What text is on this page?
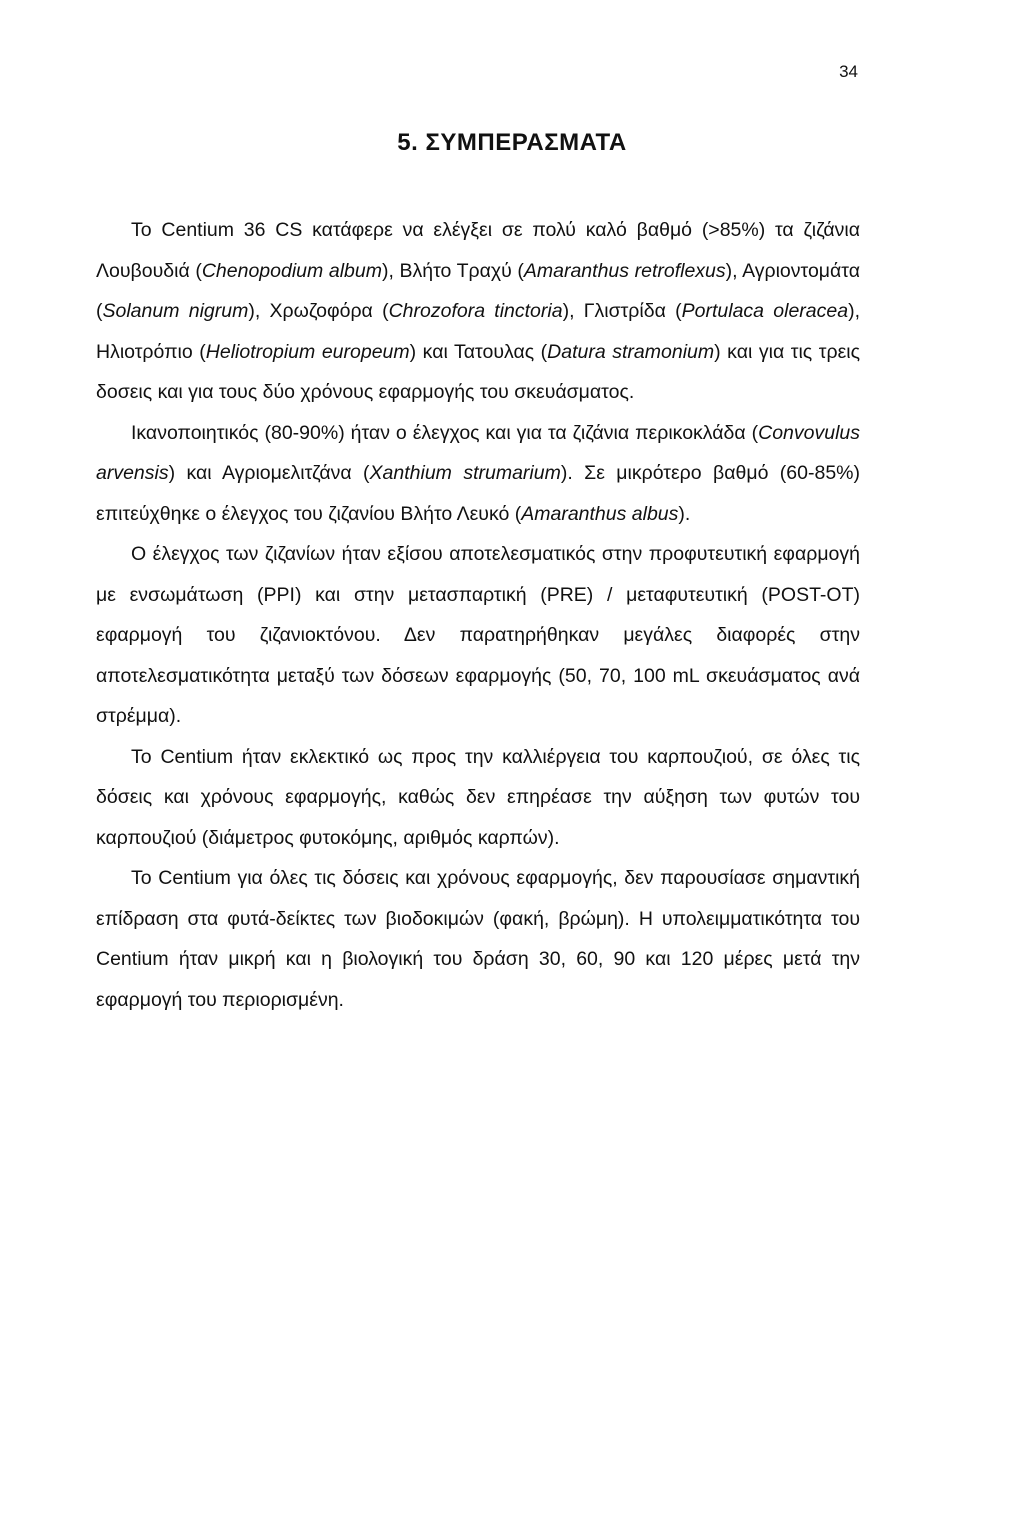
34
5. ΣΥΜΠΕΡΑΣΜΑΤΑ

Το Centium 36 CS κατάφερε να ελέγξει σε πολύ καλό βαθμό (>85%) τα ζιζάνια Λουβουδιά (Chenopodium album), Βλήτο Τραχύ (Amaranthus retroflexus), Αγριοντομάτα (Solanum nigrum), Χρωζοφόρα (Chrozofora tinctoria), Γλιστρίδα (Portulaca oleracea), Ηλιοτρόπιο (Heliotropium europeum) και Τατουλας (Datura stramonium) και για τις τρεις δοσεις και για τους δύο χρόνους εφαρμογής του σκευάσματος.

Ικανοποιητικός (80-90%) ήταν ο έλεγχος και για τα ζιζάνια περικοκλάδα (Convovulus arvensis) και Αγριομελιτζάνα (Xanthium strumarium). Σε μικρότερο βαθμό (60-85%) επιτεύχθηκε ο έλεγχος του ζιζανίου Βλήτο Λευκό (Amaranthus albus).

Ο έλεγχος των ζιζανίων ήταν εξίσου αποτελεσματικός στην προφυτευτική εφαρμογή με ενσωμάτωση (PPI) και στην μετασπαρτική (PRE) / μεταφυτευτική (POST-OT) εφαρμογή του ζιζανιοκτόνου. Δεν παρατηρήθηκαν μεγάλες διαφορές στην αποτελεσματικότητα μεταξύ των δόσεων εφαρμογής (50, 70, 100 mL σκευάσματος ανά στρέμμα).

Το Centium ήταν εκλεκτικό ως προς την καλλιέργεια του καρπουζιού, σε όλες τις δόσεις και χρόνους εφαρμογής, καθώς δεν επηρέασε την αύξηση των φυτών του καρπουζιού (διάμετρος φυτοκόμης, αριθμός καρπών).

Το Centium για όλες τις δόσεις και χρόνους εφαρμογής, δεν παρουσίασε σημαντική επίδραση στα φυτά-δείκτες των βιοδοκιμών (φακή, βρώμη). Η υπολειμματικότητα του Centium ήταν μικρή και η βιολογική του δράση 30, 60, 90 και 120 μέρες μετά την εφαρμογή του περιορισμένη.
